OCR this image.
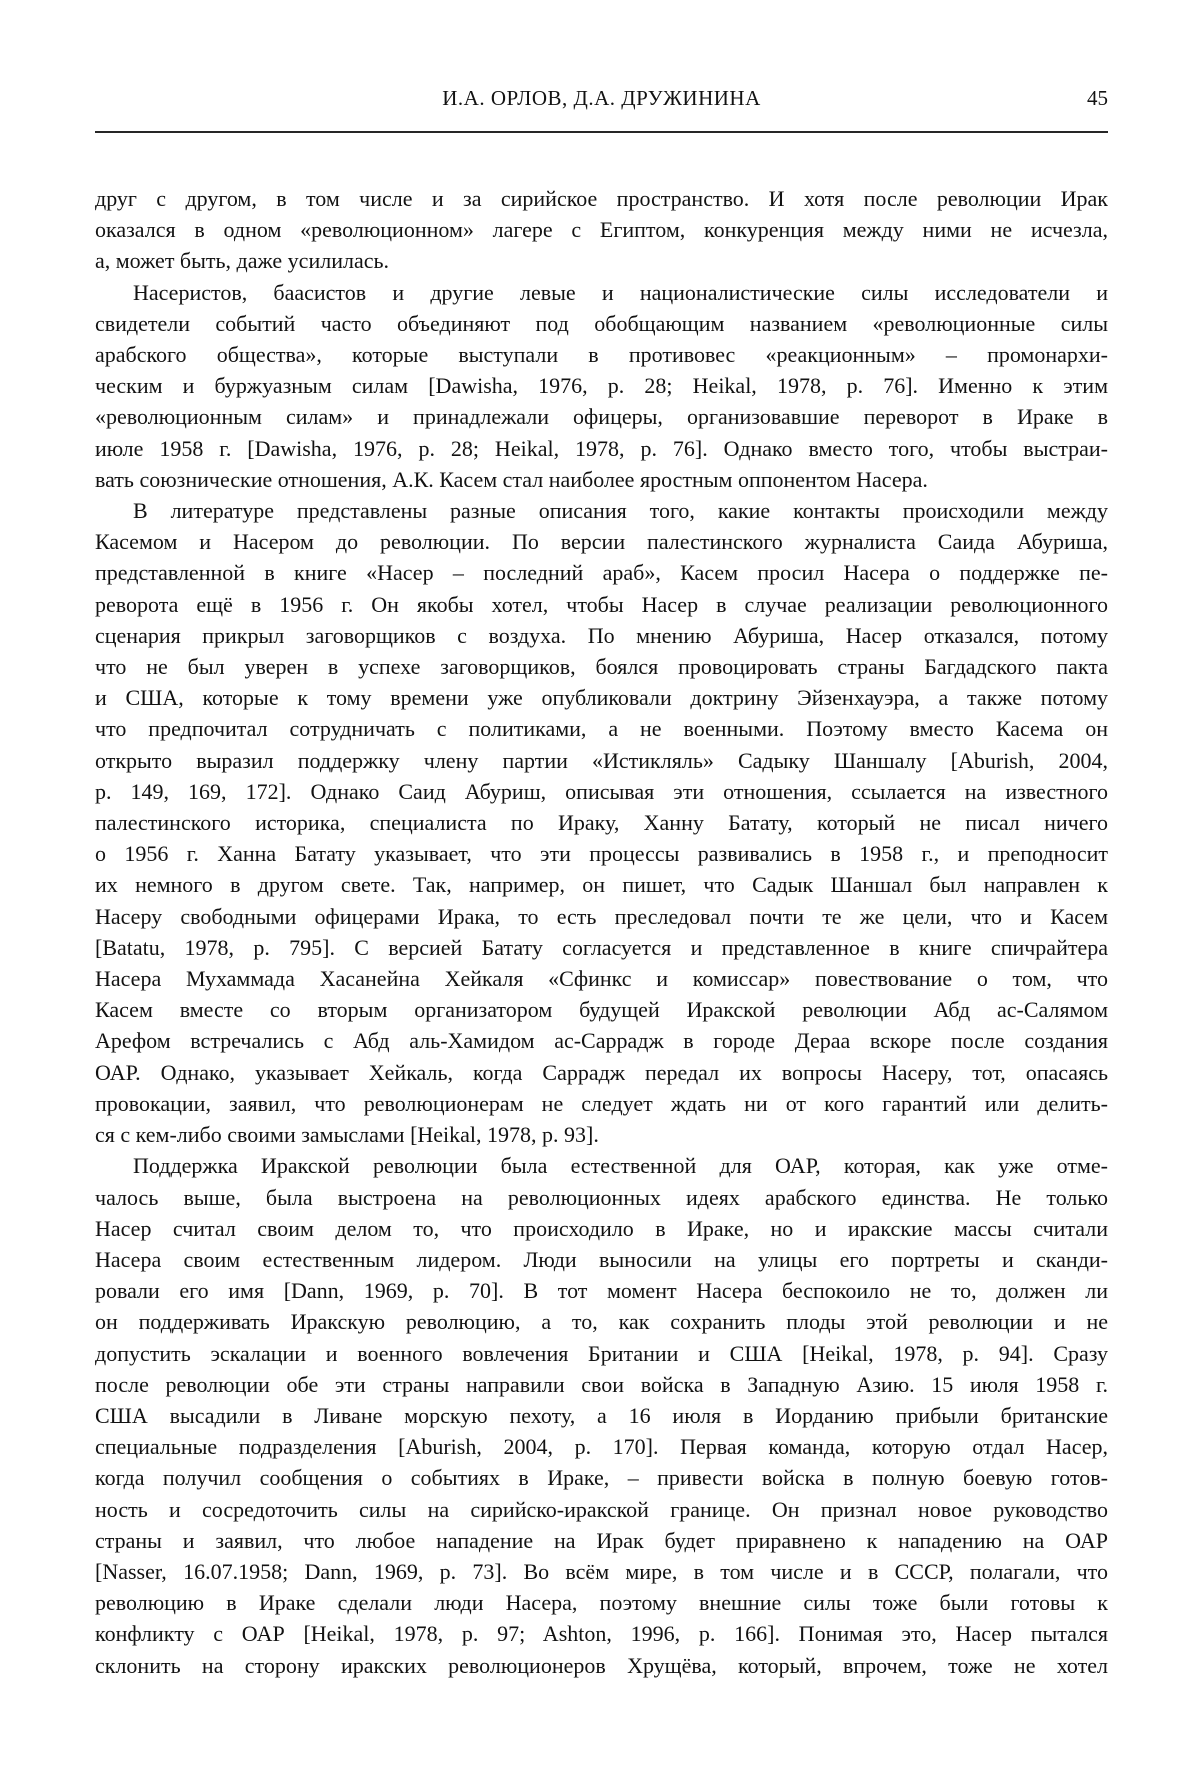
И.А. ОРЛОВ, Д.А. ДРУЖИНИНА	45
друг с другом, в том числе и за сирийское пространство. И хотя после революции Ирак
оказался в одном «революционном» лагере с Египтом, конкуренция между ними не исчезла,
а, может быть, даже усилилась.
Насеристов, баасистов и другие левые и националистические силы исследователи и
свидетели событий часто объединяют под обобщающим названием «революционные силы
арабского общества», которые выступали в противовес «реакционным» – промонархи-
ческим и буржуазным силам [Dawisha, 1976, p. 28; Heikal, 1978, p. 76]. Именно к этим
«революционным силам» и принадлежали офицеры, организовавшие переворот в Ираке в
июле 1958 г. [Dawisha, 1976, p. 28; Heikal, 1978, p. 76]. Однако вместо того, чтобы выстраи-
вать союзнические отношения, А.К. Касем стал наиболее яростным оппонентом Насера.
В литературе представлены разные описания того, какие контакты происходили между
Касемом и Насером до революции. По версии палестинского журналиста Саида Абуриша,
представленной в книге «Насер – последний араб», Касем просил Насера о поддержке пе-
реворота ещё в 1956 г. Он якобы хотел, чтобы Насер в случае реализации революционного
сценария прикрыл заговорщиков с воздуха. По мнению Абуриша, Насер отказался, потому
что не был уверен в успехе заговорщиков, боялся провоцировать страны Багдадского пакта
и США, которые к тому времени уже опубликовали доктрину Эйзенхауэра, а также потому
что предпочитал сотрудничать с политиками, а не военными. Поэтому вместо Касема он
открыто выразил поддержку члену партии «Истикляль» Садыку Шаншалу [Aburish, 2004,
p. 149, 169, 172]. Однако Саид Абуриш, описывая эти отношения, ссылается на известного
палестинского историка, специалиста по Ираку, Ханну Батату, который не писал ничего
о 1956 г. Ханна Батату указывает, что эти процессы развивались в 1958 г., и преподносит
их немного в другом свете. Так, например, он пишет, что Садык Шаншал был направлен к
Насеру свободными офицерами Ирака, то есть преследовал почти те же цели, что и Касем
[Batatu, 1978, p. 795]. С версией Батату согласуется и представленное в книге спичрайтера
Насера Мухаммада Хасанейна Хейкаля «Сфинкс и комиссар» повествование о том, что
Касем вместе со вторым организатором будущей Иракской революции Абд ас-Салямом
Арефом встречались с Абд аль-Хамидом ас-Саррадж в городе Дераа вскоре после создания
ОАР. Однако, указывает Хейкаль, когда Саррадж передал их вопросы Насеру, тот, опасаясь
провокации, заявил, что революционерам не следует ждать ни от кого гарантий или делить-
ся с кем-либо своими замыслами [Heikal, 1978, p. 93].
Поддержка Иракской революции была естественной для ОАР, которая, как уже отме-
чалось выше, была выстроена на революционных идеях арабского единства. Не только
Насер считал своим делом то, что происходило в Ираке, но и иракские массы считали
Насера своим естественным лидером. Люди выносили на улицы его портреты и сканди-
ровали его имя [Dann, 1969, p. 70]. В тот момент Насера беспокоило не то, должен ли
он поддерживать Иракскую революцию, а то, как сохранить плоды этой революции и не
допустить эскалации и военного вовлечения Британии и США [Heikal, 1978, p. 94]. Сразу
после революции обе эти страны направили свои войска в Западную Азию. 15 июля 1958 г.
США высадили в Ливане морскую пехоту, а 16 июля в Иорданию прибыли британские
специальные подразделения [Aburish, 2004, p. 170]. Первая команда, которую отдал Насер,
когда получил сообщения о событиях в Ираке, – привести войска в полную боевую готов-
ность и сосредоточить силы на сирийско-иракской границе. Он признал новое руководство
страны и заявил, что любое нападение на Ирак будет приравнено к нападению на ОАР
[Nasser, 16.07.1958; Dann, 1969, p. 73]. Во всём мире, в том числе и в СССР, полагали, что
революцию в Ираке сделали люди Насера, поэтому внешние силы тоже были готовы к
конфликту с ОАР [Heikal, 1978, p. 97; Ashton, 1996, p. 166]. Понимая это, Насер пытался
склонить на сторону иракских революционеров Хрущёва, который, впрочем, тоже не хотел
